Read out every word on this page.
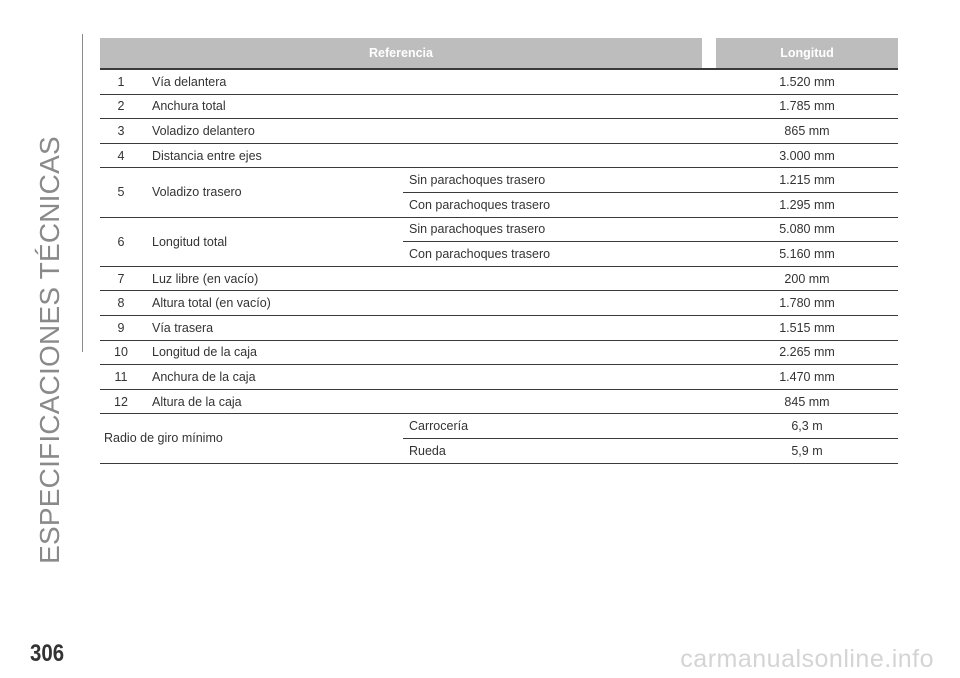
ESPECIFICACIONES TÉCNICAS
Referencia				Longitud
1	Vía delantera			1.520 mm
2	Anchura total			1.785 mm
3	Voladizo delantero			865 mm
4	Distancia entre ejes			3.000 mm
5	Voladizo trasero	Sin parachoques trasero		1.215 mm
		Con parachoques trasero		1.295 mm
6	Longitud total	Sin parachoques trasero		5.080 mm
		Con parachoques trasero		5.160 mm
7	Luz libre (en vacío)			200 mm
8	Altura total (en vacío)			1.780 mm
9	Vía trasera			1.515 mm
10	Longitud de la caja			2.265 mm
11	Anchura de la caja			1.470 mm
12	Altura de la caja			845 mm
Radio de giro mínimo		Carrocería		6,3 m
		Rueda		5,9 m
306	carmanualsonline.info
